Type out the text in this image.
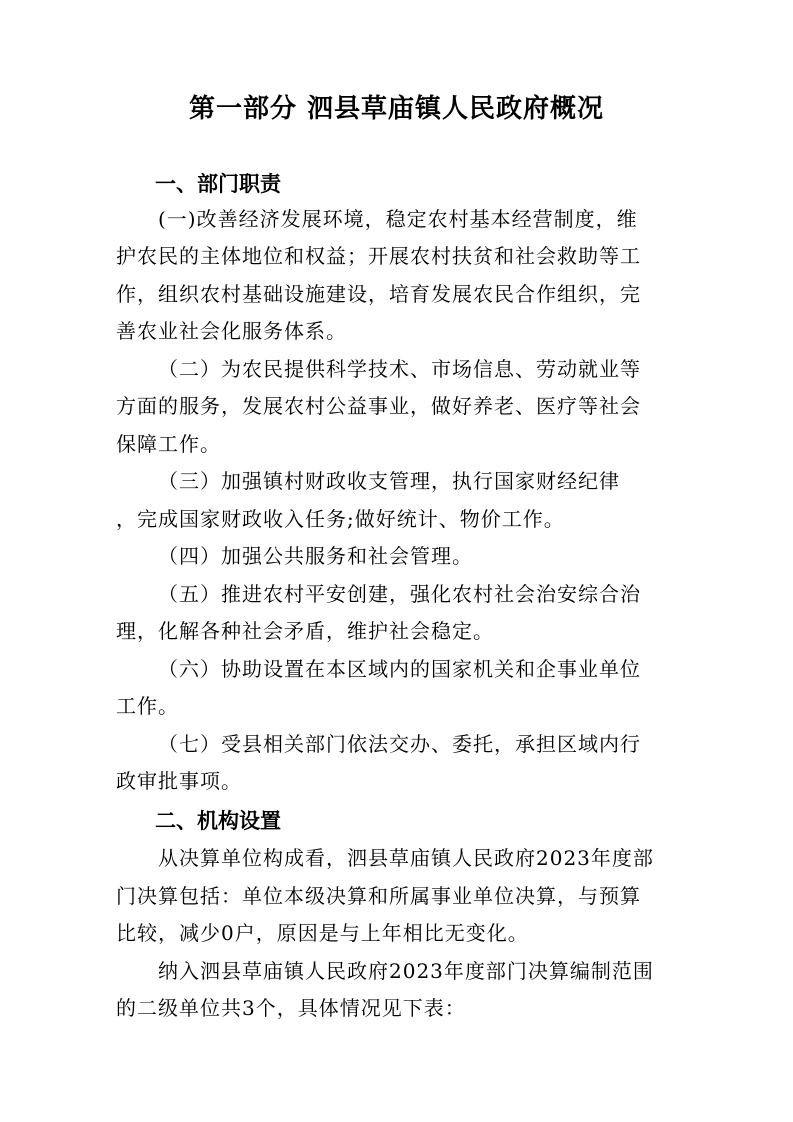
第一部分 泗县草庙镇人民政府概况
一、部门职责
(一)改善经济发展环境，稳定农村基本经营制度，维
护农民的主体地位和权益；开展农村扶贫和社会救助等工
作，组织农村基础设施建设，培育发展农民合作组织，完
善农业社会化服务体系。
（二）为农民提供科学技术、市场信息、劳动就业等
方面的服务，发展农村公益事业，做好养老、医疗等社会
保障工作。
（三）加强镇村财政收支管理，执行国家财经纪律
，完成国家财政收入任务;做好统计、物价工作。
（四）加强公共服务和社会管理。
（五）推进农村平安创建，强化农村社会治安综合治
理，化解各种社会矛盾，维护社会稳定。
（六）协助设置在本区域内的国家机关和企事业单位
工作。
（七）受县相关部门依法交办、委托，承担区域内行
政审批事项。
二、机构设置
从决算单位构成看，泗县草庙镇人民政府2023年度部
门决算包括：单位本级决算和所属事业单位决算，与预算
比较，减少0户，原因是与上年相比无变化。
纳入泗县草庙镇人民政府2023年度部门决算编制范围
的二级单位共3个，具体情况见下表：
